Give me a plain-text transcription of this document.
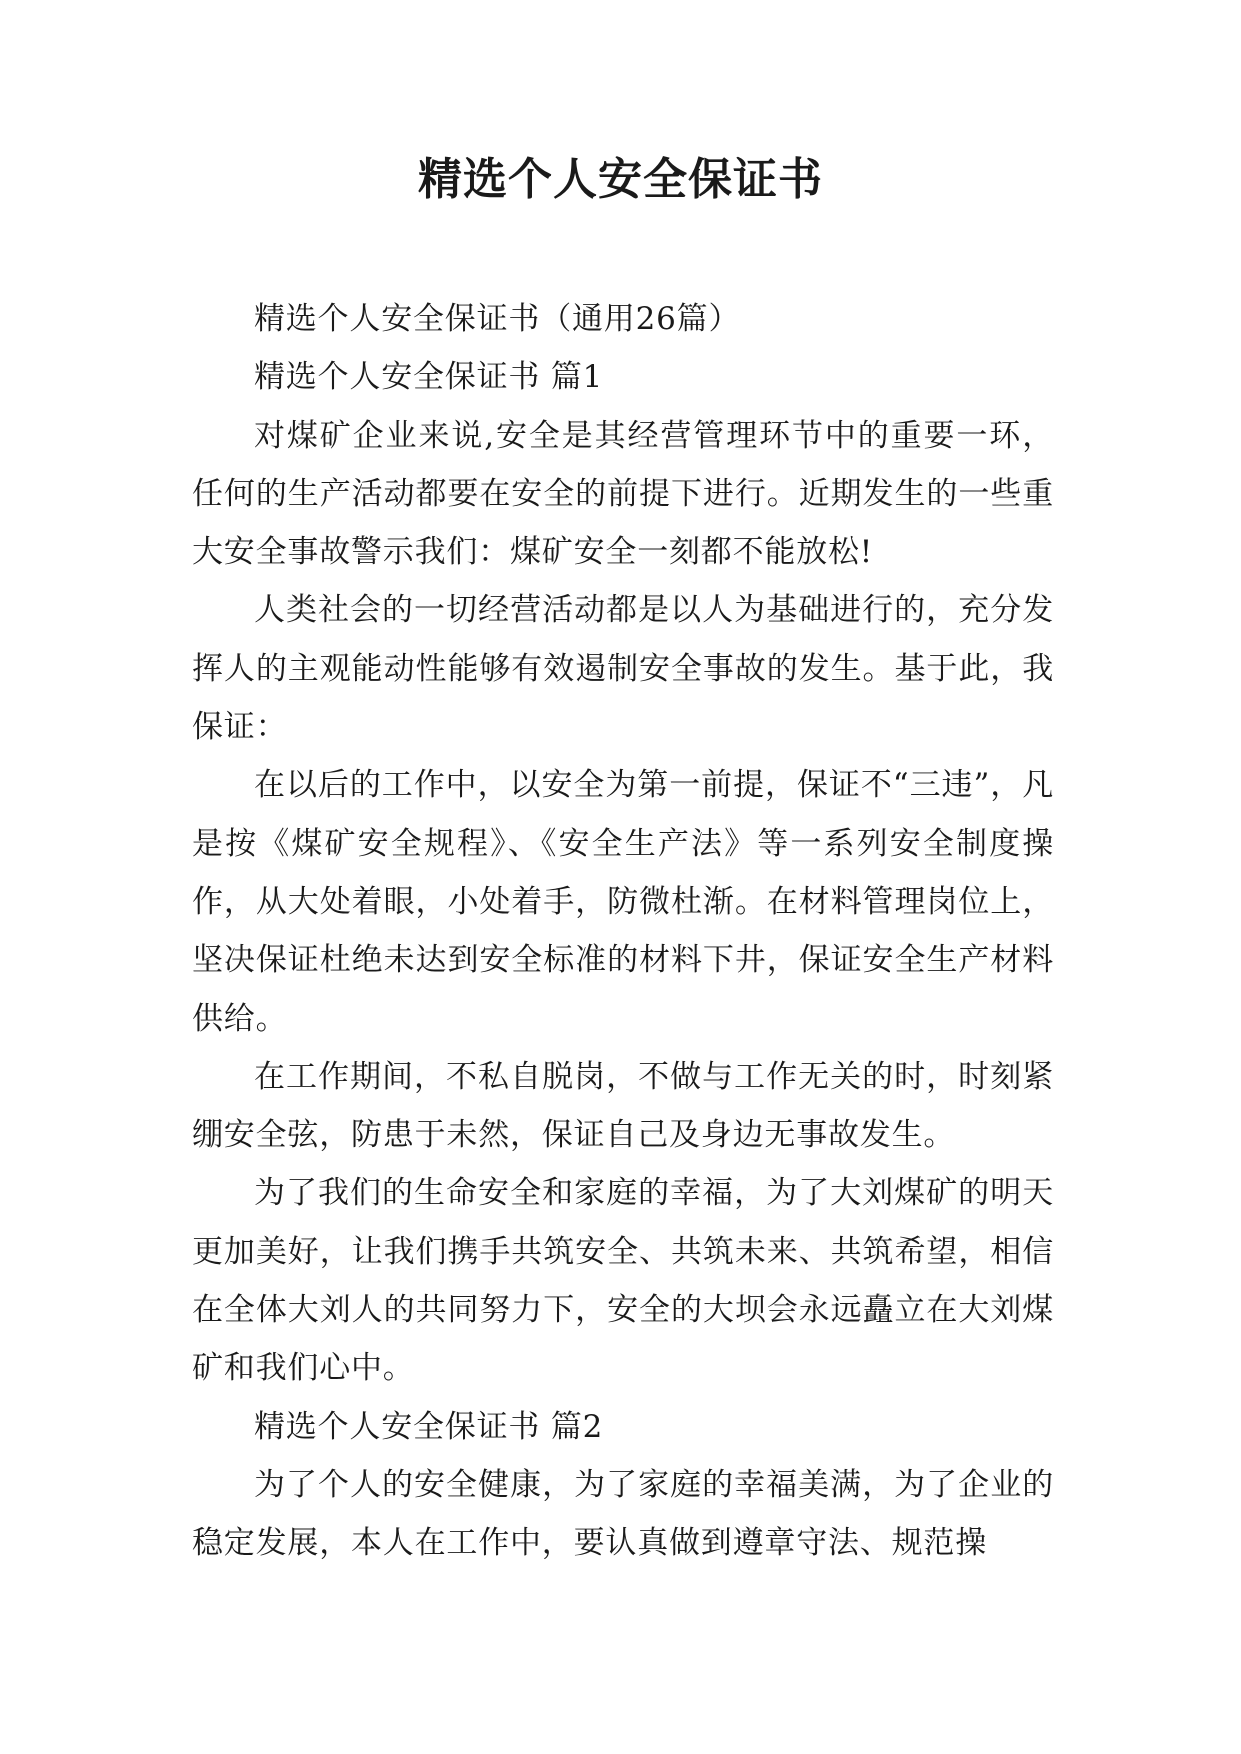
精选个人安全保证书

精选个人安全保证书（通用26篇）

精选个人安全保证书 篇1

对煤矿企业来说,安全是其经营管理环节中的重要一环，任何的生产活动都要在安全的前提下进行。近期发生的一些重大安全事故警示我们：煤矿安全一刻都不能放松!

人类社会的一切经营活动都是以人为基础进行的，充分发挥人的主观能动性能够有效遏制安全事故的发生。基于此，我保证：

在以后的工作中，以安全为第一前提，保证不“三违”，凡是按《煤矿安全规程》、《安全生产法》等一系列安全制度操作，从大处着眼，小处着手，防微杜渐。在材料管理岗位上，坚决保证杜绝未达到安全标准的材料下井，保证安全生产材料供给。

在工作期间，不私自脱岗，不做与工作无关的时，时刻紧绷安全弦，防患于未然，保证自己及身边无事故发生。

为了我们的生命安全和家庭的幸福，为了大刘煤矿的明天更加美好，让我们携手共筑安全、共筑未来、共筑希望，相信在全体大刘人的共同努力下，安全的大坝会永远矗立在大刘煤矿和我们心中。

精选个人安全保证书 篇2

为了个人的安全健康，为了家庭的幸福美满，为了企业的稳定发展，本人在工作中，要认真做到遵章守法、规范操
